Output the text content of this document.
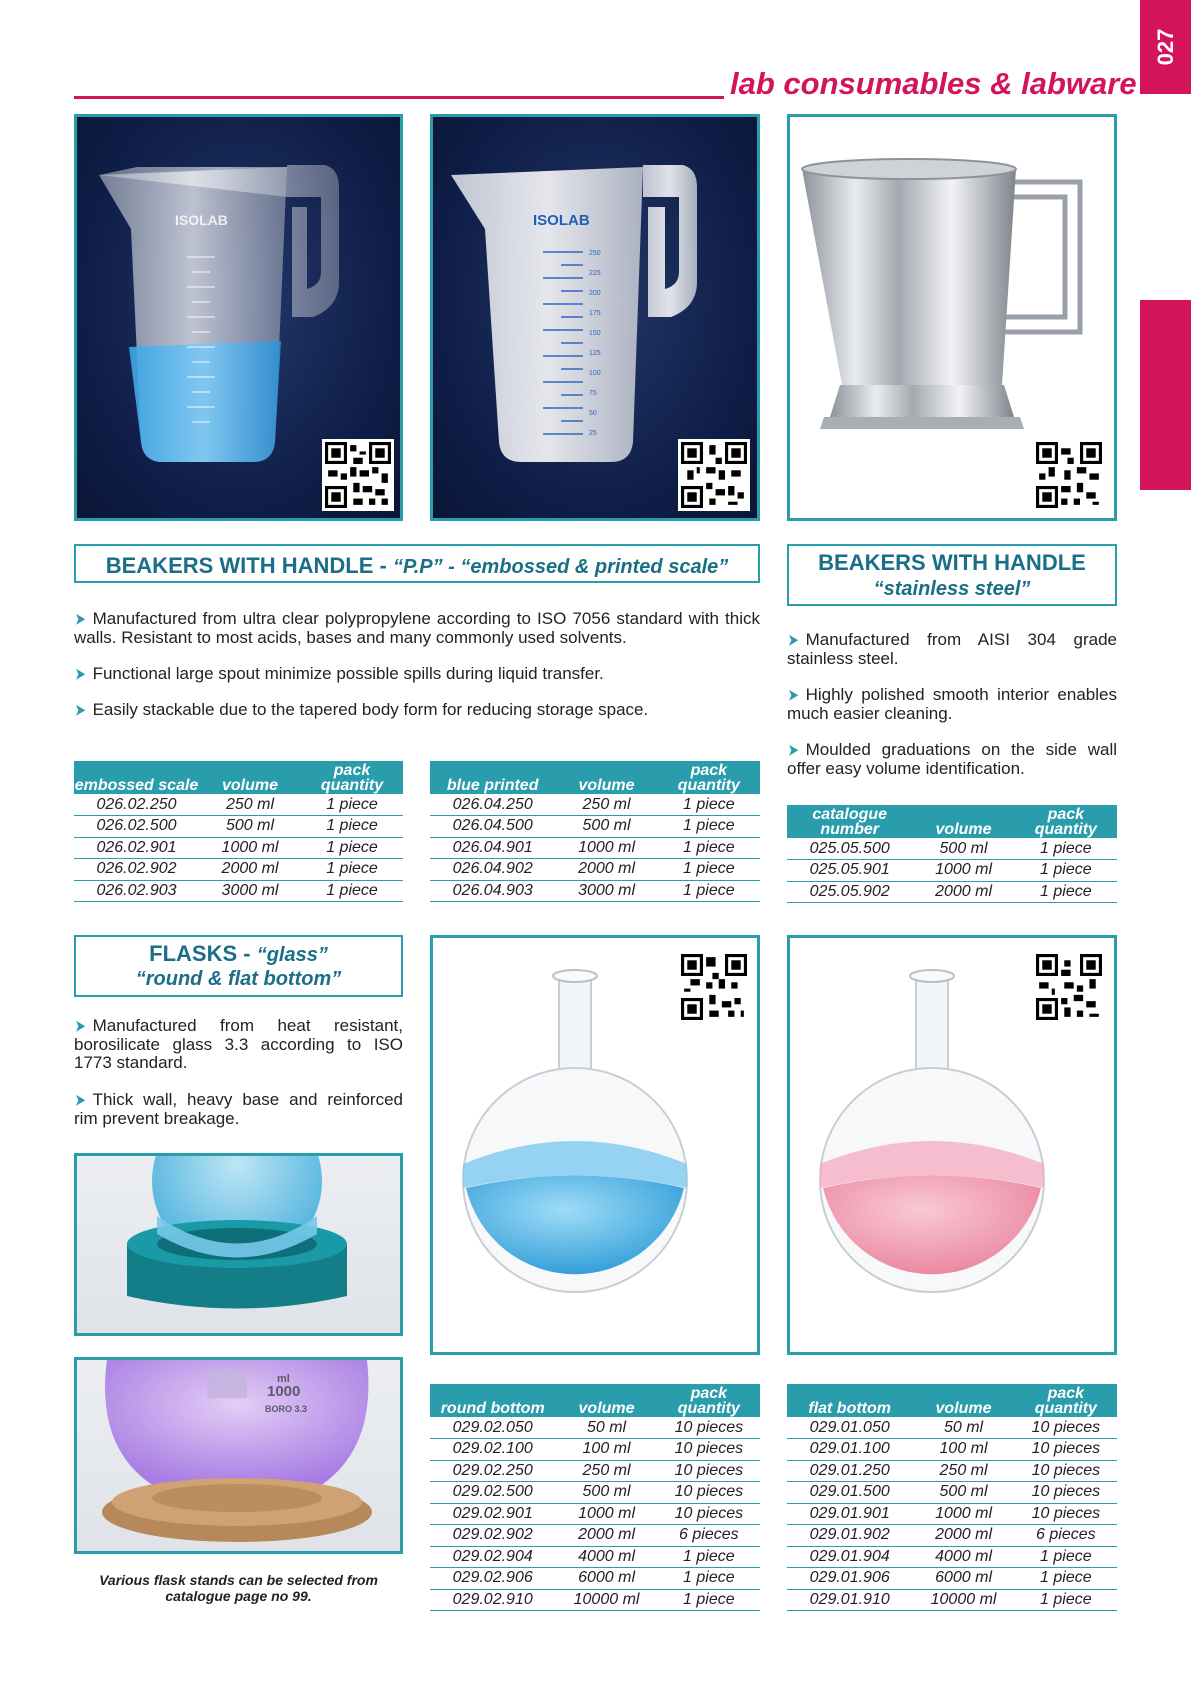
lab consumables & labware
027
ISOLAB	ISOLAB
250
225
200
175
150
125
100
75
50
25
BEAKERS WITH HANDLE - “P.P” - “embossed & printed scale”
➤ Manufactured from ultra clear polypropylene according to ISO 7056 standard with thick walls. Resistant to most acids, bases and many commonly used solvents.
➤ Functional large spout minimize possible spills during liquid transfer.
➤ Easily stackable due to the tapered body form for reducing storage space.
embossed scale	volume	pack quantity
026.02.250	250 ml	1 piece
026.02.500	500 ml	1 piece
026.02.901	1000 ml	1 piece
026.02.902	2000 ml	1 piece
026.02.903	3000 ml	1 piece
blue printed	volume	pack quantity
026.04.250	250 ml	1 piece
026.04.500	500 ml	1 piece
026.04.901	1000 ml	1 piece
026.04.902	2000 ml	1 piece
026.04.903	3000 ml	1 piece
BEAKERS WITH HANDLE
“stainless steel”
➤ Manufactured from AISI 304 grade stainless steel.
➤ Highly polished smooth interior enables much easier cleaning.
➤ Moulded graduations on the side wall offer easy volume identification.
catalogue number	volume	pack quantity
025.05.500	500 ml	1 piece
025.05.901	1000 ml	1 piece
025.05.902	2000 ml	1 piece
FLASKS - “glass”
“round & flat bottom”
➤ Manufactured from heat resistant, borosilicate glass 3.3 according to ISO 1773 standard.
➤ Thick wall, heavy base and reinforced rim prevent breakage.
ml
1000
BORO 3.3
Various flask stands can be selected from catalogue page no 99.
round bottom	volume	pack quantity
029.02.050	50 ml	10 pieces
029.02.100	100 ml	10 pieces
029.02.250	250 ml	10 pieces
029.02.500	500 ml	10 pieces
029.02.901	1000 ml	10 pieces
029.02.902	2000 ml	6 pieces
029.02.904	4000 ml	1 piece
029.02.906	6000 ml	1 piece
029.02.910	10000 ml	1 piece
flat bottom	volume	pack quantity
029.01.050	50 ml	10 pieces
029.01.100	100 ml	10 pieces
029.01.250	250 ml	10 pieces
029.01.500	500 ml	10 pieces
029.01.901	1000 ml	10 pieces
029.01.902	2000 ml	6 pieces
029.01.904	4000 ml	1 piece
029.01.906	6000 ml	1 piece
029.01.910	10000 ml	1 piece
